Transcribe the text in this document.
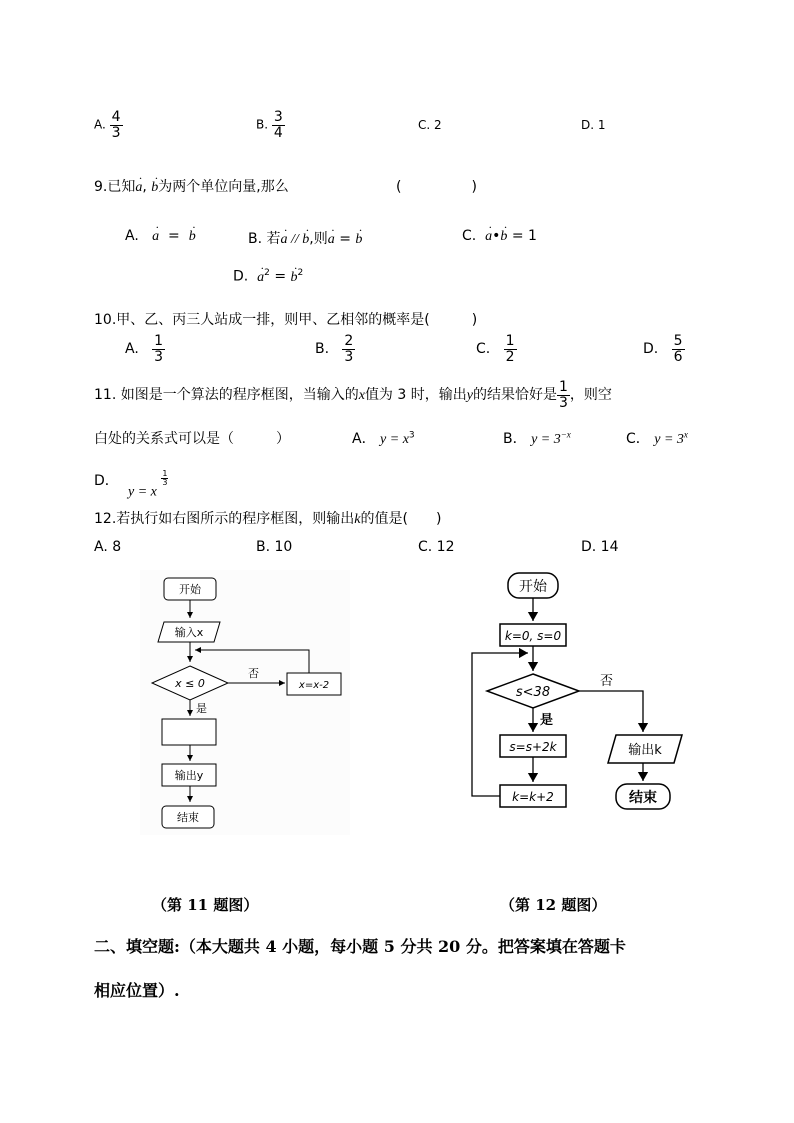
A. $\frac{4}{3}$	B. $\frac{3}{4}$	C. 2	D. 1
9.已知· a, · b为两个单位向量,那么	(　　　　　)
A. · a = · b	B. 若· a // · b,则· a = · b	C. · a•· b = 1
D. · $a^2$ = · $b^2$
10.甲、乙、丙三人站成一排，则甲、乙相邻的概率是(　　　)
A. $\frac{1}{3}$	B. $\frac{2}{3}$	C. $\frac{1}{2}$	D. $\frac{5}{6}$
11. 如图是一个算法的程序框图，当输入的x值为 3 时，输出y的结果恰好是 $\frac{1}{3}$ ，则空
白处的关系式可以是（　　　）	A． $y = x^3$	B． $y = 3^{-x}$	C． $y = 3^x$
D．
y = x
$\frac{1}{3}$
12.若执行如右图所示的程序框图，则输出k的值是(　　)
A. 8	B. 10	C. 12	D. 14
开始
输入x
x ≤ 0
否
x=x-2
是
输出y
结束
开始
k=0, s=0
s<38
否
是
s=s+2k
k=k+2
输出k
结束
（第 11 题图）	（第 12 题图）
二、填空题:（本大题共 4 小题，每小题 5 分共 20 分。把答案填在答题卡
相应位置）.
